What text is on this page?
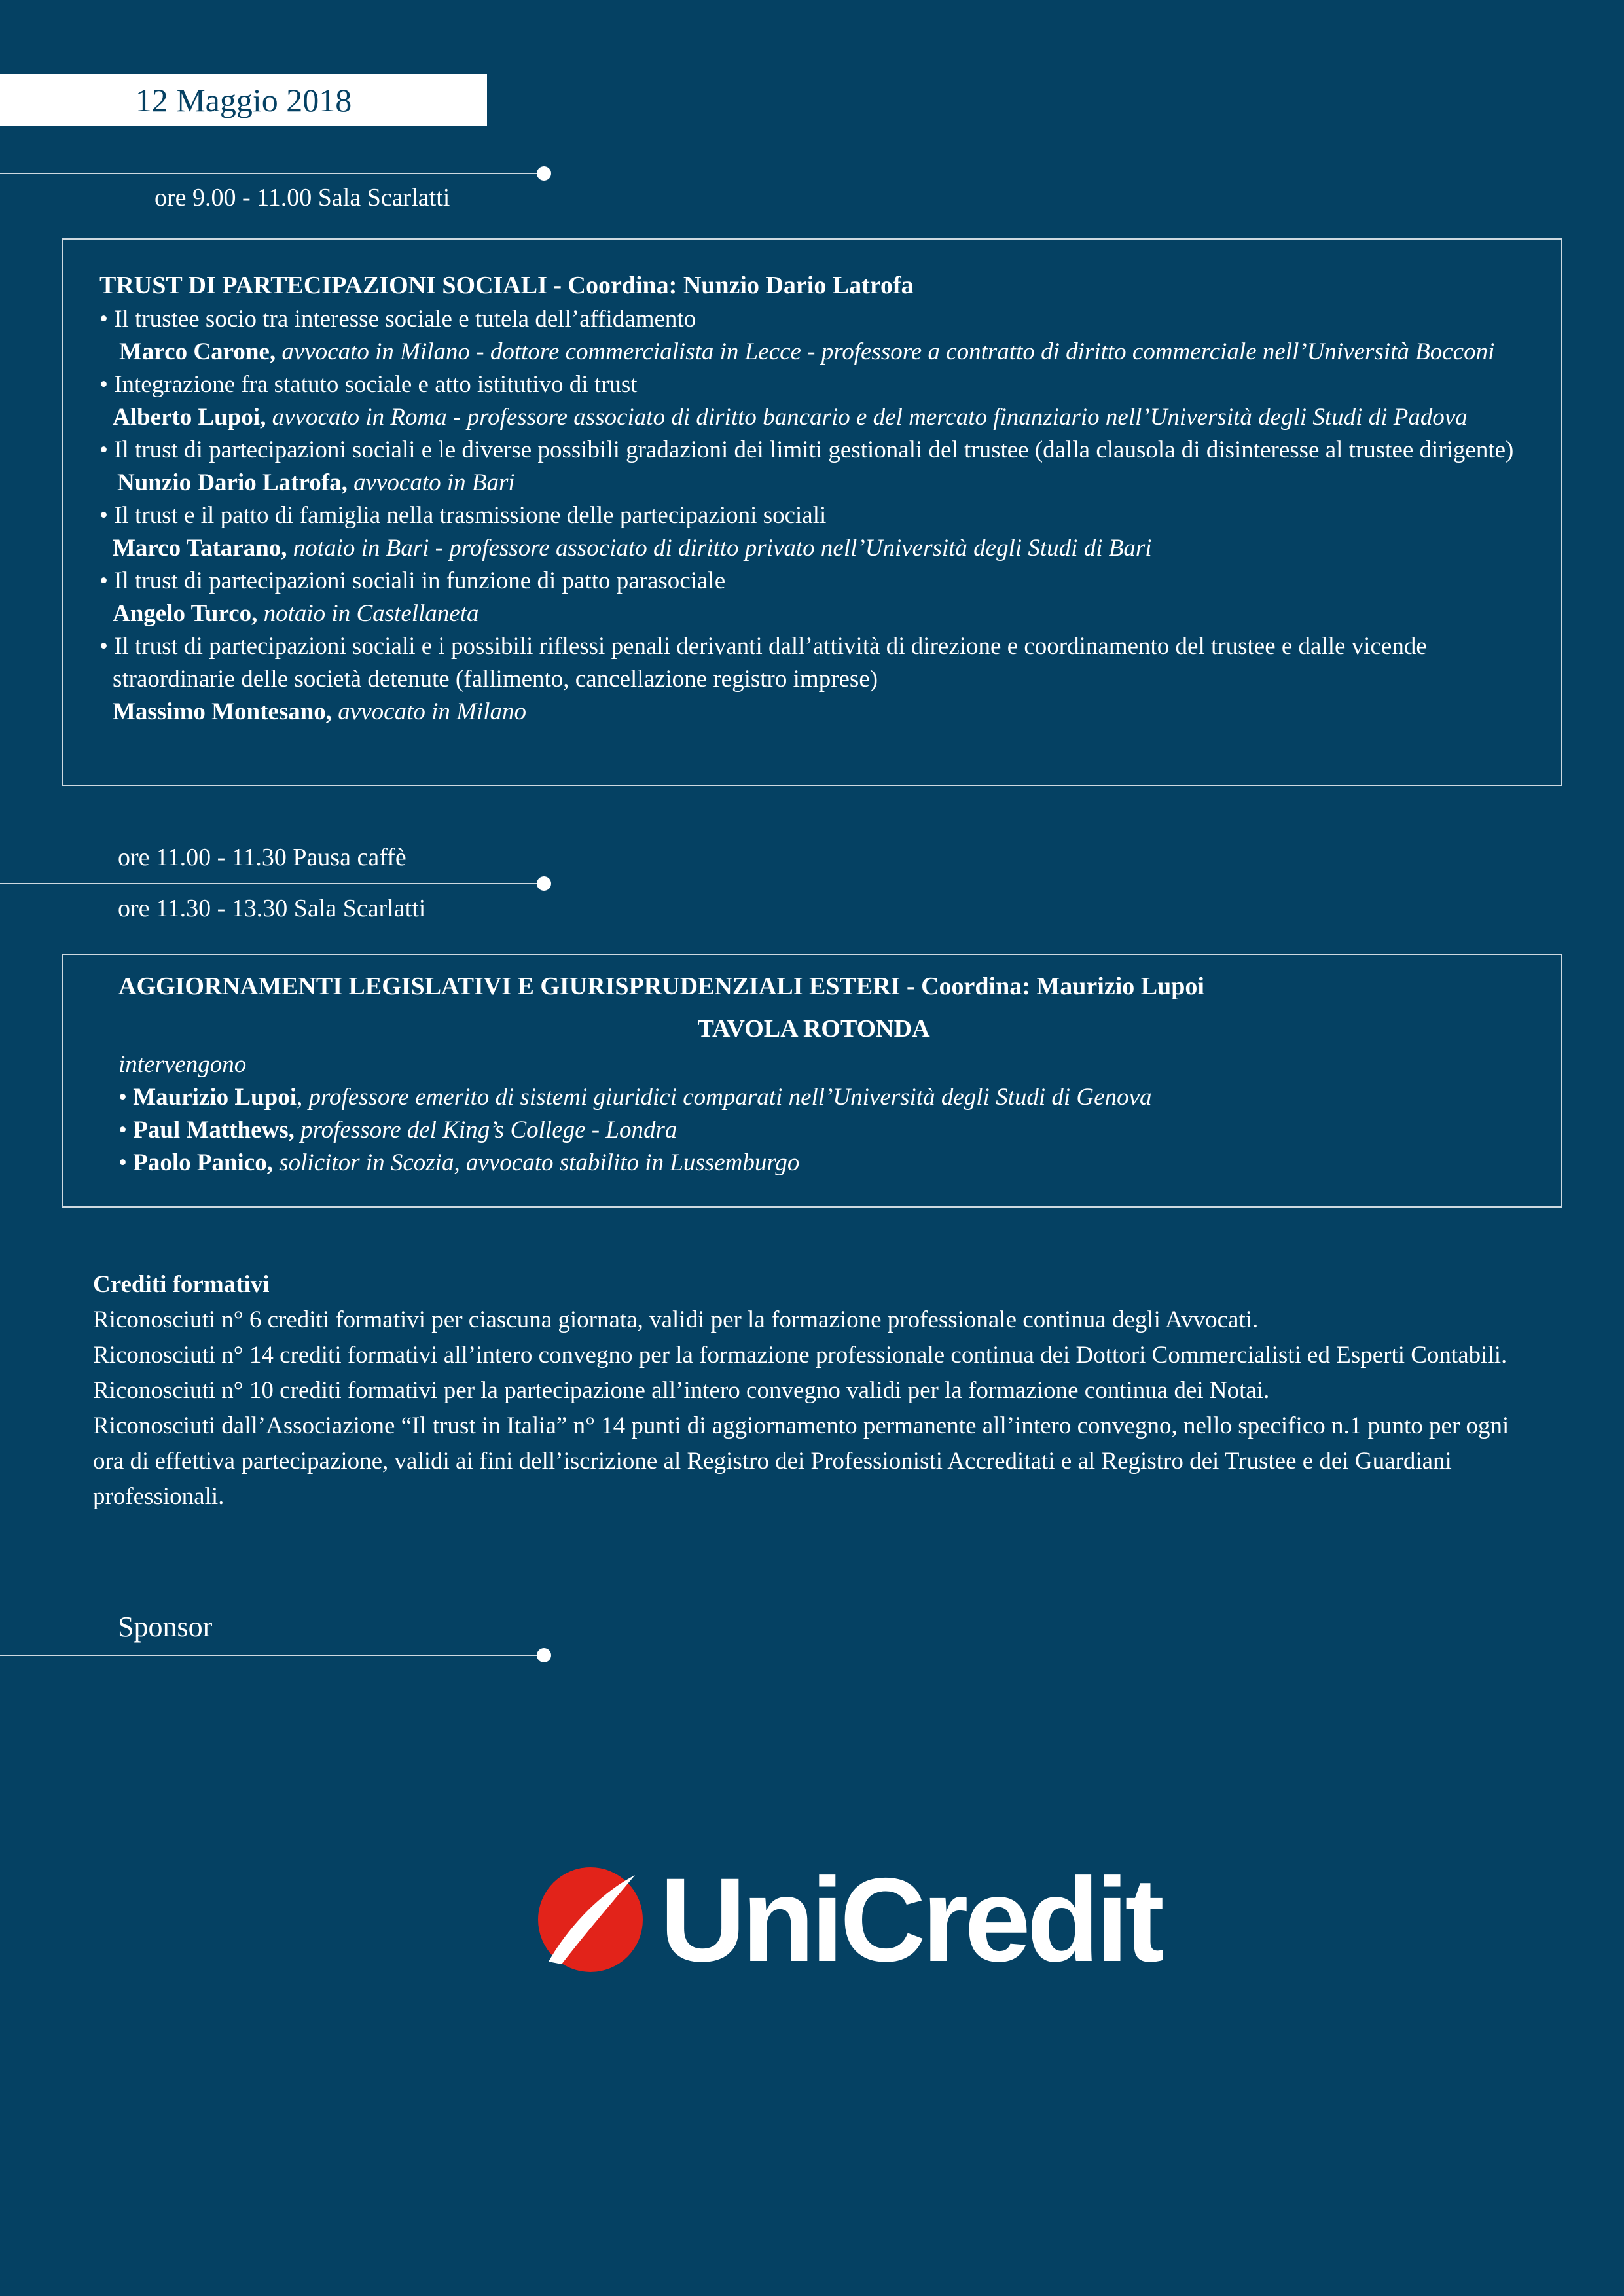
12 Maggio 2018
ore 9.00 - 11.00 Sala Scarlatti
TRUST DI PARTECIPAZIONI SOCIALI - Coordina: Nunzio Dario Latrofa
• Il trustee socio tra interesse sociale e tutela dell’affidamento
Marco Carone, avvocato in Milano - dottore commercialista in Lecce - professore a contratto di diritto commerciale nell’Università Bocconi
• Integrazione fra statuto sociale e atto istitutivo di trust
Alberto Lupoi, avvocato in Roma - professore associato di diritto bancario e del mercato finanziario nell’Università degli Studi di Padova
• Il trust di partecipazioni sociali e le diverse possibili gradazioni dei limiti gestionali del trustee (dalla clausola di disinteresse al trustee dirigente)
Nunzio Dario Latrofa, avvocato in Bari
• Il trust e il patto di famiglia nella trasmissione delle partecipazioni sociali
Marco Tatarano, notaio in Bari - professore associato di diritto privato nell’Università degli Studi di Bari
• Il trust di partecipazioni sociali in funzione di patto parasociale
Angelo Turco, notaio in Castellaneta
• Il trust di partecipazioni sociali e i possibili riflessi penali derivanti dall’attività di direzione e coordinamento del trustee e dalle vicende
straordinarie delle società detenute (fallimento, cancellazione registro imprese)
Massimo Montesano, avvocato in Milano
ore 11.00 - 11.30 Pausa caffè
ore 11.30 - 13.30 Sala Scarlatti
AGGIORNAMENTI LEGISLATIVI E GIURISPRUDENZIALI ESTERI - Coordina: Maurizio Lupoi
TAVOLA ROTONDA
intervengono
• Maurizio Lupoi, professore emerito di sistemi giuridici comparati nell’Università degli Studi di Genova
• Paul Matthews, professore del King’s College - Londra
• Paolo Panico, solicitor in Scozia, avvocato stabilito in Lussemburgo

Crediti formativi

Riconosciuti n° 6 crediti formativi per ciascuna giornata, validi per la formazione professionale continua degli Avvocati.

Riconosciuti n° 14 crediti formativi all’intero convegno per la formazione professionale continua dei Dottori Commercialisti ed Esperti Contabili. Riconosciuti n° 10 crediti formativi per la partecipazione all’intero convegno validi per la formazione continua dei Notai.

Riconosciuti dall’Associazione “Il trust in Italia” n° 14 punti di aggiornamento permanente all’intero convegno, nello specifico n.1 punto per ogni ora di effettiva partecipazione, validi ai fini dell’iscrizione al Registro dei Professionisti Accreditati e al Registro dei Trustee e dei Guardiani professionali.

Sponsor
UniCredit
